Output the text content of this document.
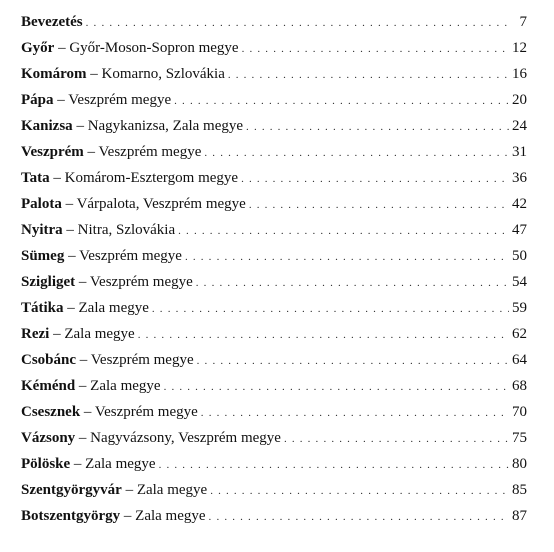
Bevezetés . . .	7
Győr – Győr-Moson-Sopron megye . . .	12
Komárom – Komarno, Szlovákia . . .	16
Pápa – Veszprém megye . . .	20
Kanizsa – Nagykanizsa, Zala megye . . .	24
Veszprém – Veszprém megye . . .	31
Tata – Komárom-Esztergom megye . . .	36
Palota – Várpalota, Veszprém megye . . .	42
Nyitra – Nitra, Szlovákia . . .	47
Sümeg – Veszprém megye . . .	50
Szigliget – Veszprém megye . . .	54
Tátika – Zala megye . . .	59
Rezi – Zala megye . . .	62
Csobánc – Veszprém megye . . .	64
Kéménd – Zala megye . . .	68
Csesznek – Veszprém megye . . .	70
Vázsony – Nagyvázsony, Veszprém megye . . .	75
Pölöske – Zala megye . . .	80
Szentgyörgyvár – Zala megye . . .	85
Botszentgyörgy – Zala megye . . .	87
